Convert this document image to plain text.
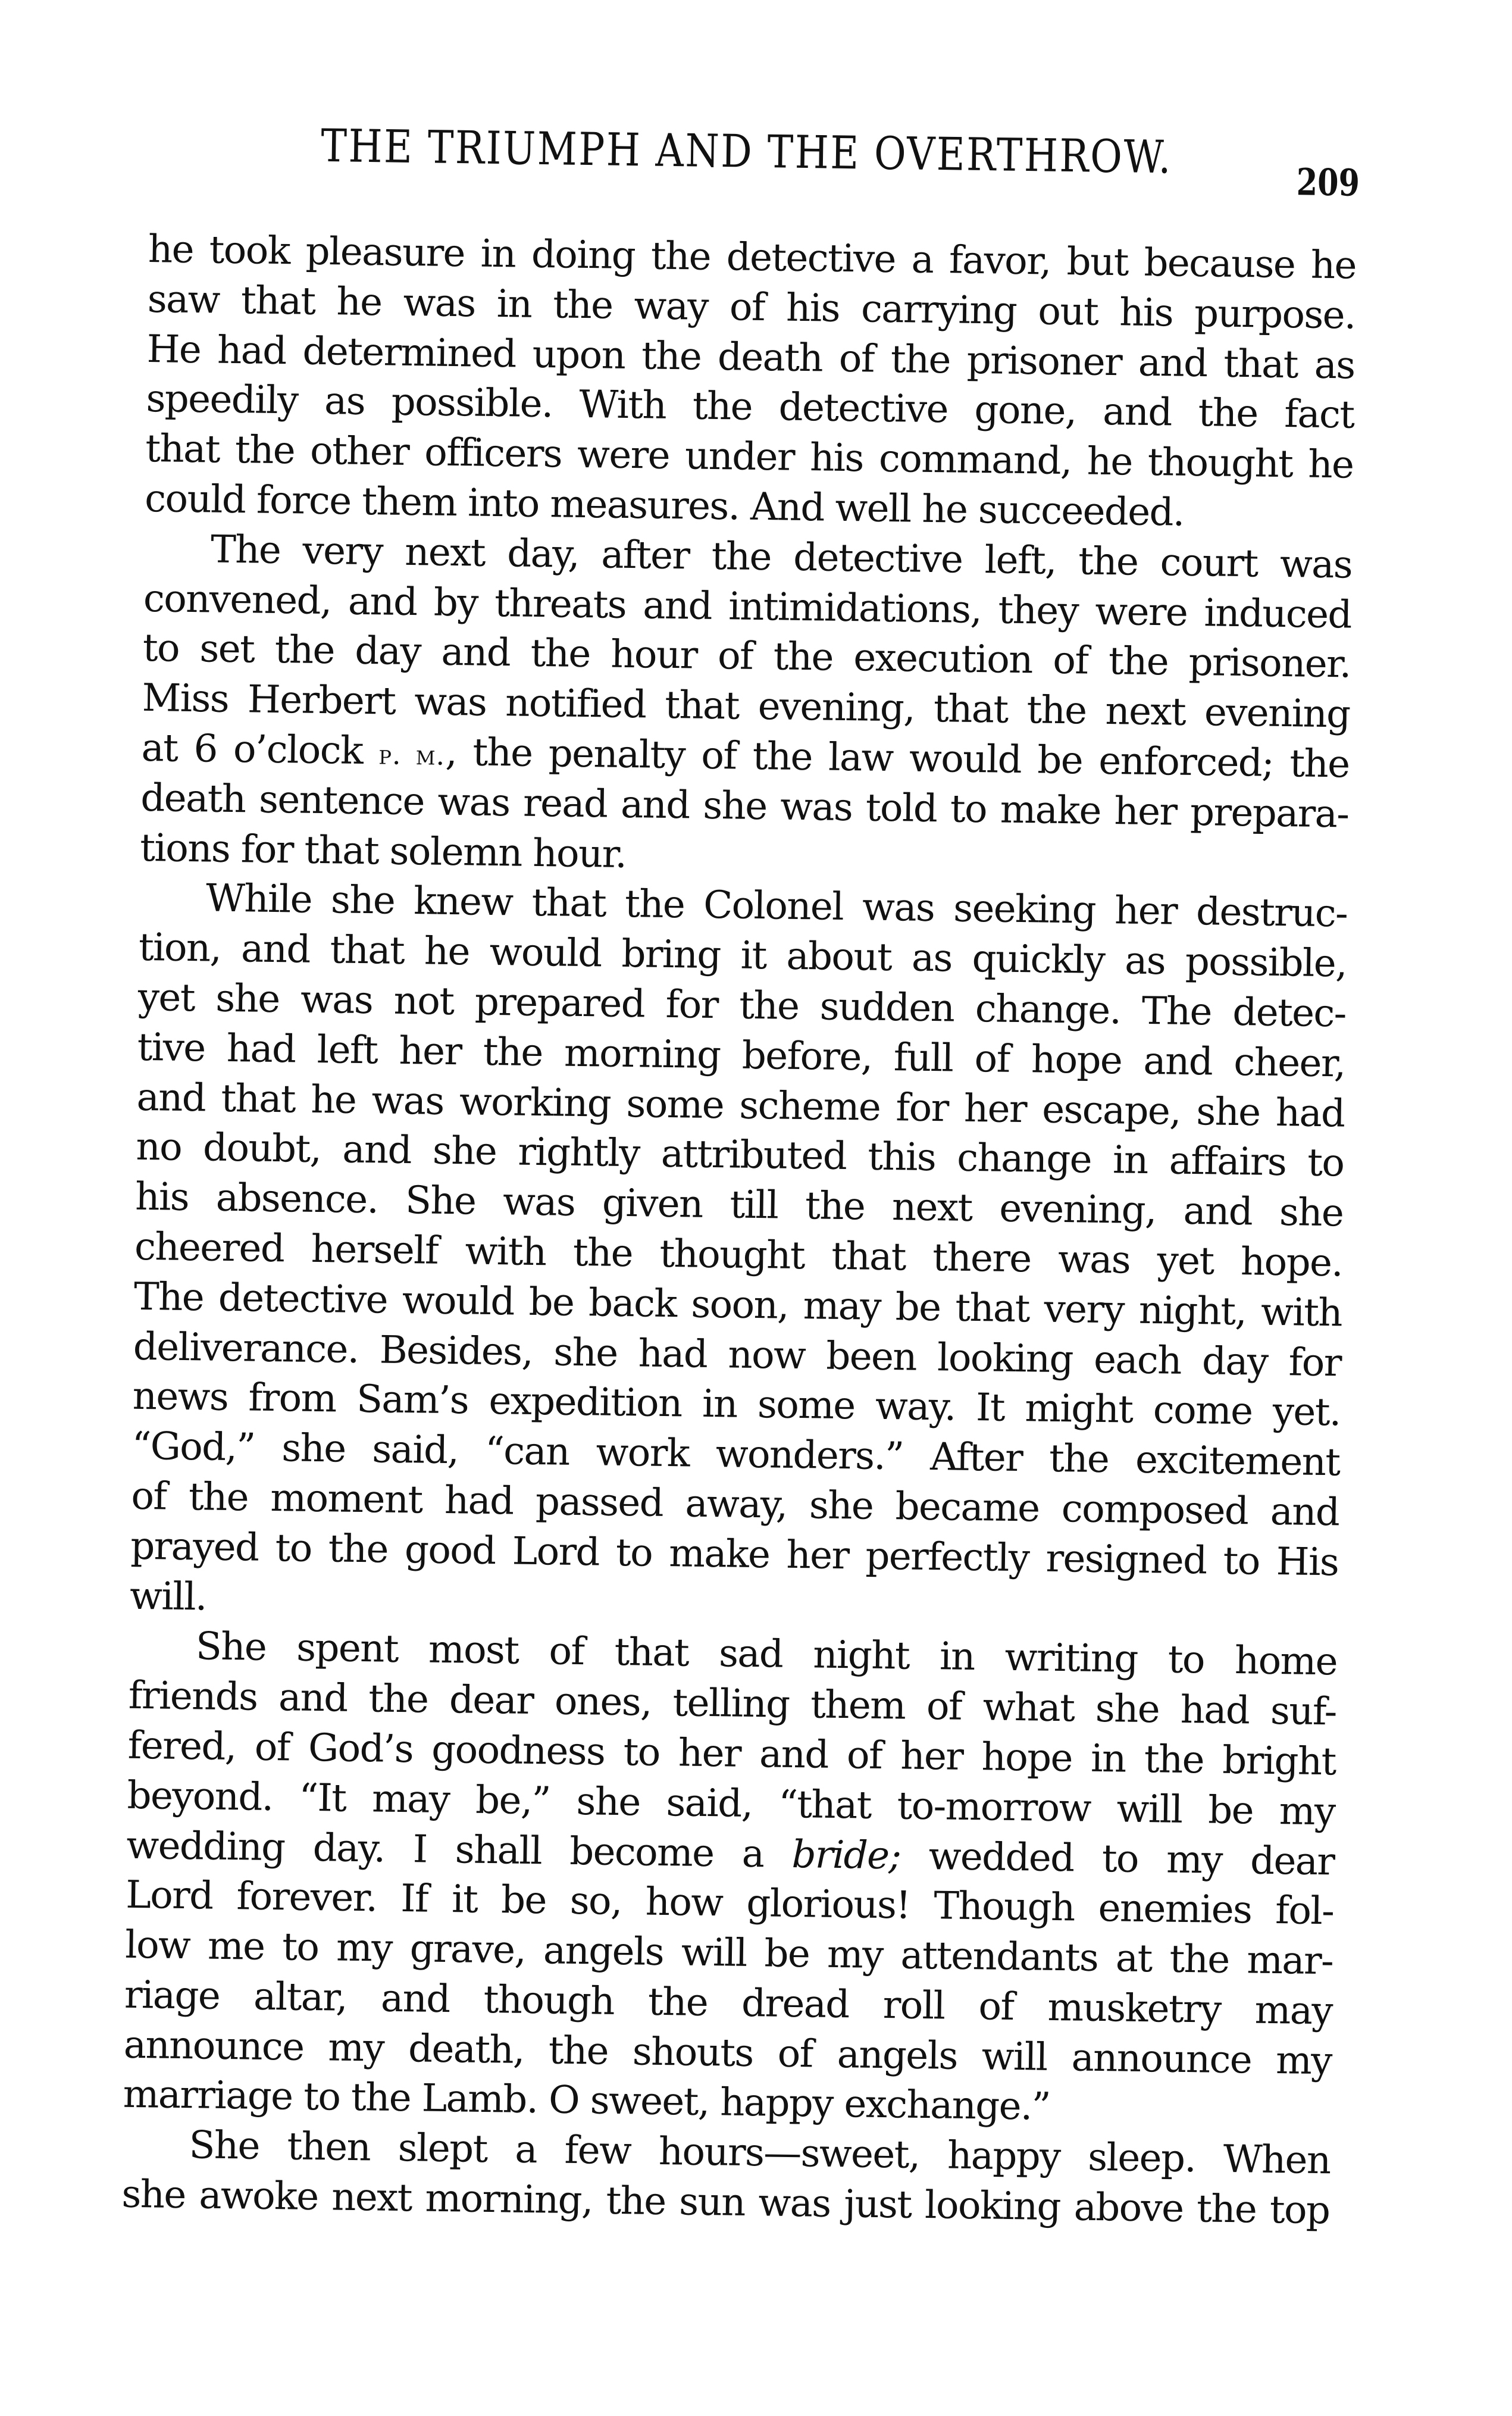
THE TRIUMPH AND THE OVERTHROW.	209
he took pleasure in doing the detective a favor, but because he
saw that he was in the way of his carrying out his purpose.
He had determined upon the death of the prisoner and that as
speedily as possible. With the detective gone, and the fact
that the other officers were under his command, he thought he
could force them into measures. And well he succeeded.
The very next day, after the detective left, the court was
convened, and by threats and intimidations, they were induced
to set the day and the hour of the execution of the prisoner.
Miss Herbert was notified that evening, that the next evening
at 6 o’clock p. m., the penalty of the law would be enforced; the
death sentence was read and she was told to make her prepara-
tions for that solemn hour.
While she knew that the Colonel was seeking her destruc-
tion, and that he would bring it about as quickly as possible,
yet she was not prepared for the sudden change. The detec-
tive had left her the morning before, full of hope and cheer,
and that he was working some scheme for her escape, she had
no doubt, and she rightly attributed this change in affairs to
his absence. She was given till the next evening, and she
cheered herself with the thought that there was yet hope.
The detective would be back soon, may be that very night, with
deliverance. Besides, she had now been looking each day for
news from Sam’s expedition in some way. It might come yet.
“God,” she said, “can work wonders.” After the excitement
of the moment had passed away, she became composed and
prayed to the good Lord to make her perfectly resigned to His
will.
She spent most of that sad night in writing to home
friends and the dear ones, telling them of what she had suf-
fered, of God’s goodness to her and of her hope in the bright
beyond. “It may be,” she said, “that to-morrow will be my
wedding day. I shall become a bride; wedded to my dear
Lord forever. If it be so, how glorious! Though enemies fol-
low me to my grave, angels will be my attendants at the mar-
riage altar, and though the dread roll of musketry may
announce my death, the shouts of angels will announce my
marriage to the Lamb. O sweet, happy exchange.”
She then slept a few hours—sweet, happy sleep. When
she awoke next morning, the sun was just looking above the top
